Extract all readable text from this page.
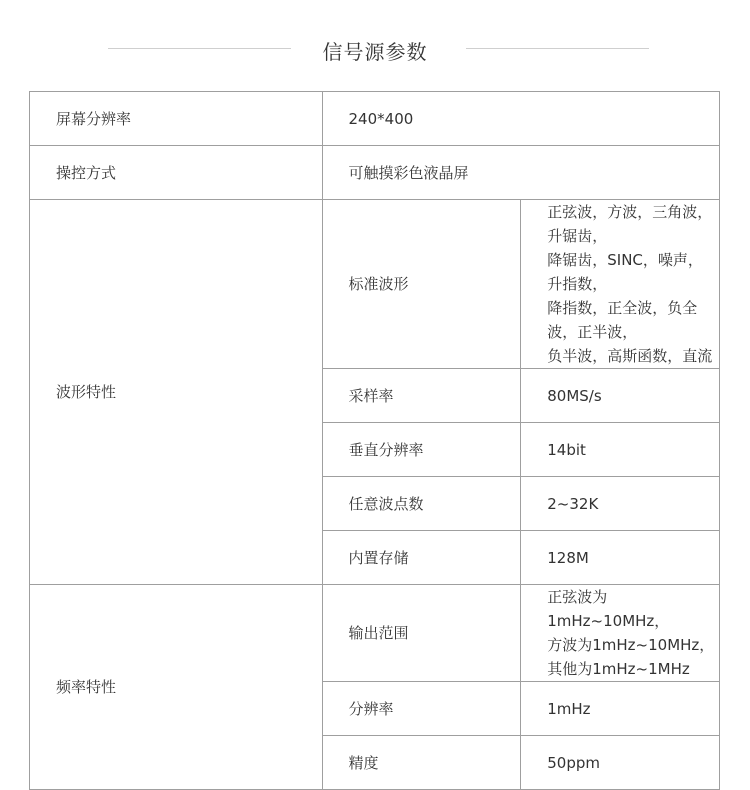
信号源参数
屏幕分辨率	240*400	
操控方式	可触摸彩色液晶屏	
波形特性	标准波形	正弦波，方波，三角波，升锯齿，
降锯齿，SINC，噪声，升指数，
降指数，正全波，负全波，正半波，
负半波，高斯函数，直流
	采样率	80MS/s
	垂直分辨率	14bit
	任意波点数	2~32K
	内置存储	128M
频率特性	输出范围	正弦波为1mHz~10MHz，
方波为1mHz~10MHz，
其他为1mHz~1MHz
	分辨率	1mHz
	精度	50ppm
